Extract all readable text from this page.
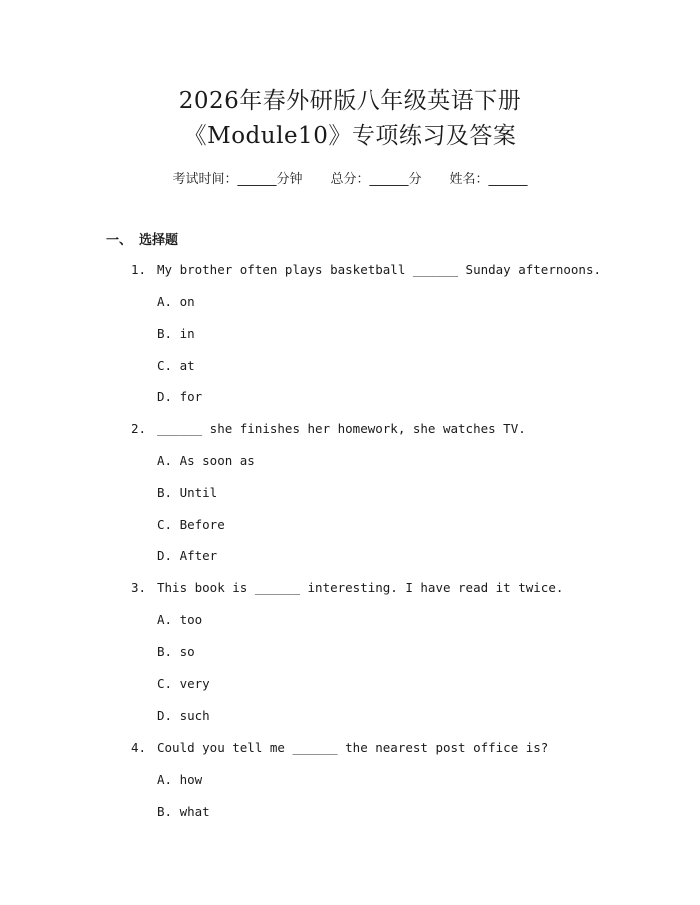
2026年春外研版八年级英语下册
《Module10》专项练习及答案
考试时间：______分钟 总分：______分 姓名：______
一、 选择题
1. My brother often plays basketball ______ Sunday afternoons.
A. on
B. in
C. at
D. for
2. ______ she finishes her homework, she watches TV.
A. As soon as
B. Until
C. Before
D. After
3. This book is ______ interesting. I have read it twice.
A. too
B. so
C. very
D. such
4. Could you tell me ______ the nearest post office is?
A. how
B. what
